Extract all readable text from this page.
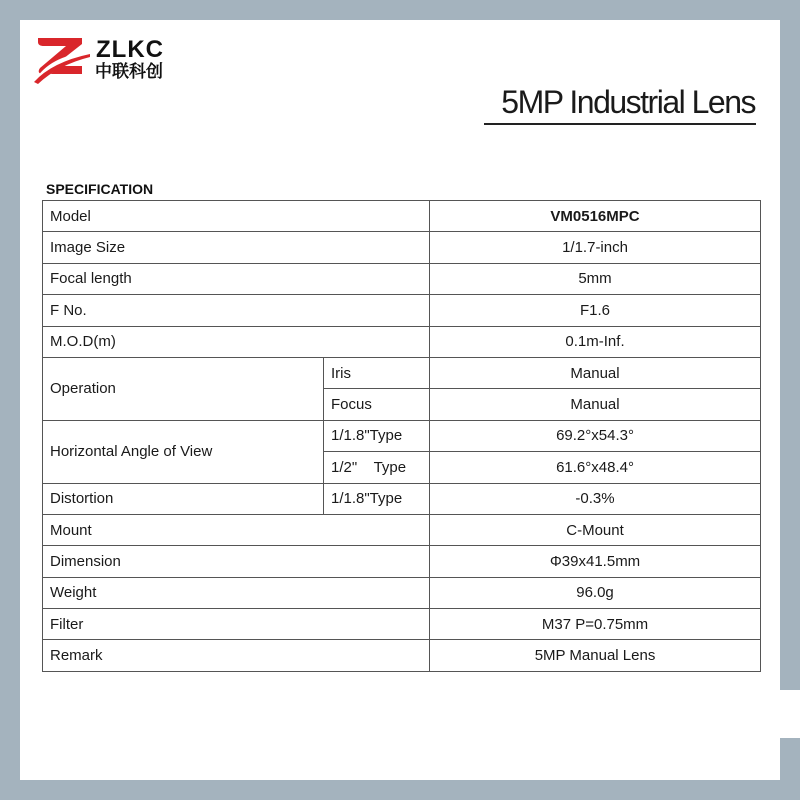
ZLKC
中联科创
5MP Industrial Lens
SPECIFICATION
Model		VM0516MPC
Image Size		1/1.7-inch
Focal length		5mm
F No.		F1.6
M.O.D(m)		0.1m-Inf.
Operation	Iris	Manual
	Focus	Manual
Horizontal Angle of View	1/1.8"Type	69.2°x54.3°
	1/2"    Type	61.6°x48.4°
Distortion	1/1.8"Type	-0.3%
Mount		C-Mount
Dimension		Φ39x41.5mm
Weight		96.0g
Filter		M37 P=0.75mm
Remark		5MP Manual Lens
